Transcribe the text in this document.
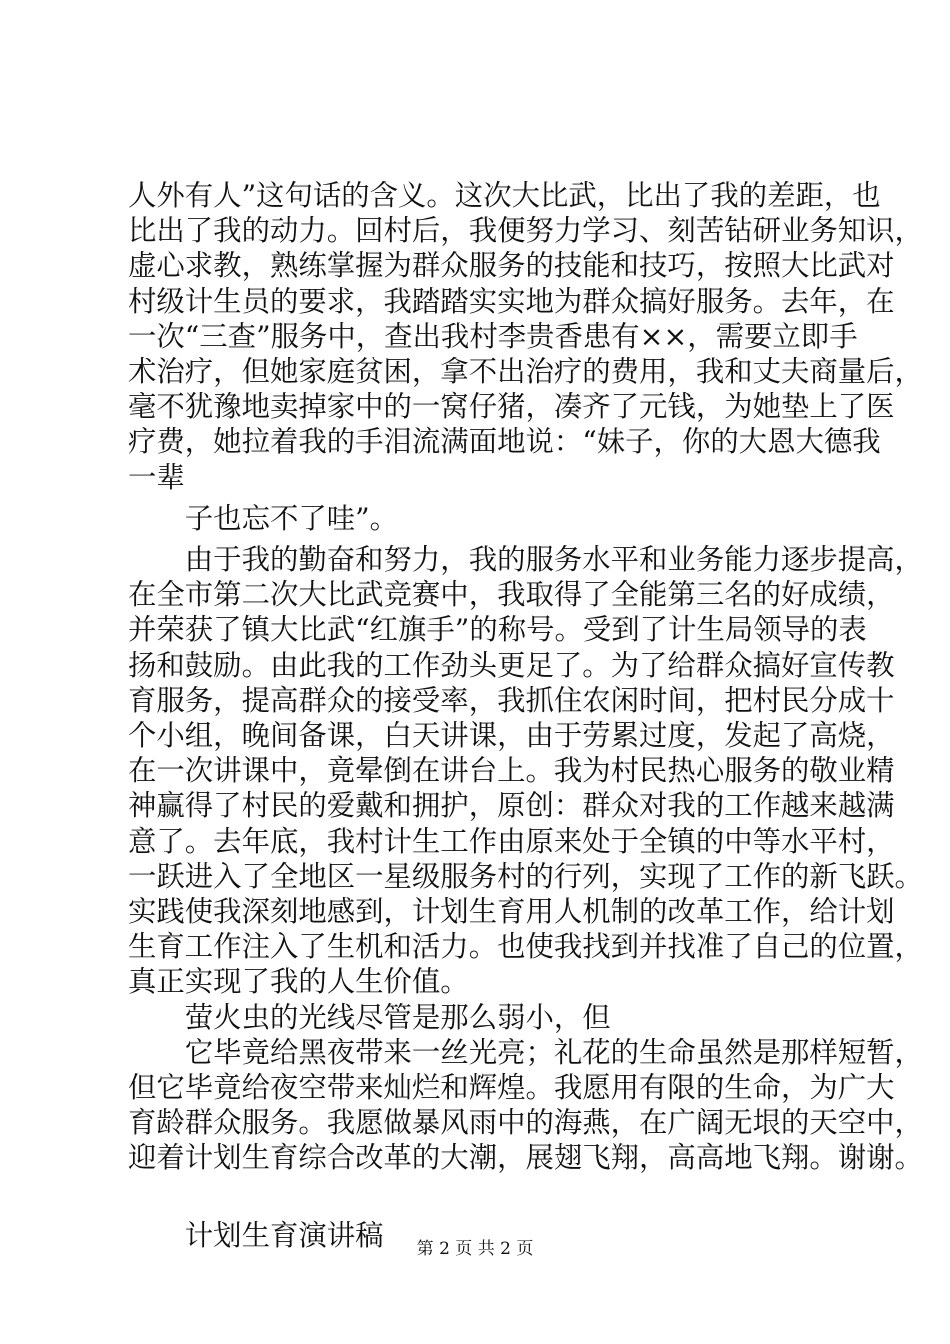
人外有人”这句话的含义。这次大比武，比出了我的差距，也
比出了我的动力。回村后，我便努力学习、刻苦钻研业务知识，
虚心求教，熟练掌握为群众服务的技能和技巧，按照大比武对
村级计生员的要求，我踏踏实实地为群众搞好服务。去年，在
一次“三查”服务中，查出我村李贵香患有××，需要立即手
术治疗，但她家庭贫困，拿不出治疗的费用，我和丈夫商量后，
毫不犹豫地卖掉家中的一窝仔猪，凑齐了元钱，为她垫上了医
疗费，她拉着我的手泪流满面地说：“妹子，你的大恩大德我
一辈
　　子也忘不了哇”。
　　由于我的勤奋和努力，我的服务水平和业务能力逐步提高，
在全市第二次大比武竞赛中，我取得了全能第三名的好成绩，
并荣获了镇大比武“红旗手”的称号。受到了计生局领导的表
扬和鼓励。由此我的工作劲头更足了。为了给群众搞好宣传教
育服务，提高群众的接受率，我抓住农闲时间，把村民分成十
个小组，晚间备课，白天讲课，由于劳累过度，发起了高烧，
在一次讲课中，竟晕倒在讲台上。我为村民热心服务的敬业精
神赢得了村民的爱戴和拥护，原创：群众对我的工作越来越满
意了。去年底，我村计生工作由原来处于全镇的中等水平村，
一跃进入了全地区一星级服务村的行列，实现了工作的新飞跃。
实践使我深刻地感到，计划生育用人机制的改革工作，给计划
生育工作注入了生机和活力。也使我找到并找准了自己的位置，
真正实现了我的人生价值。
　　萤火虫的光线尽管是那么弱小，但
　　它毕竟给黑夜带来一丝光亮；礼花的生命虽然是那样短暂，
但它毕竟给夜空带来灿烂和辉煌。我愿用有限的生命，为广大
育龄群众服务。我愿做暴风雨中的海燕，在广阔无垠的天空中，
迎着计划生育综合改革的大潮，展翅飞翔，高高地飞翔。谢谢。
第 2 页 共 2 页
　　计划生育演讲稿
